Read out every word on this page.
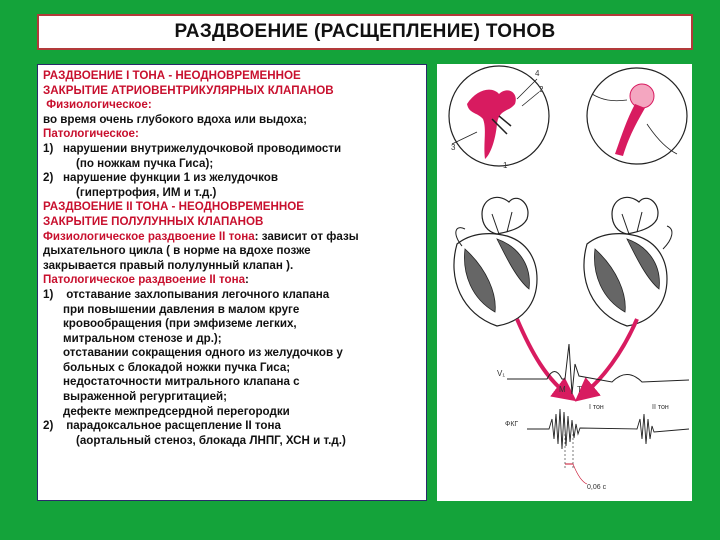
РАЗДВОЕНИЕ (РАСЩЕПЛЕНИЕ) ТОНОВ
РАЗДВОЕНИЕ I ТОНА - НЕОДНОВРЕМЕННОЕ
ЗАКРЫТИЕ АТРИОВЕНТРИКУЛЯРНЫХ КЛАПАНОВ
Физиологическое:
во время очень глубокого вдоха или выдоха;
Патологическое:
1) нарушении внутрижелудочковой проводимости
(по ножкам пучка Гиса);
2) нарушение функции 1 из желудочков
(гипертрофия, ИМ и т.д.)
РАЗДВОЕНИЕ II ТОНА - НЕОДНОВРЕМЕННОЕ
ЗАКРЫТИЕ ПОЛУЛУННЫХ КЛАПАНОВ
Физиологическое раздвоение II тона: зависит от фазы
дыхательного цикла ( в норме на вдохе позже
закрывается правый полулунный клапан ).
Патологическое раздвоение II тона:
1) отставание захлопывания легочного клапана
при повышении давления в малом круге
кровообращения (при эмфиземе легких,
митральном стенозе и др.);
отставании сокращения одного из желудочков у
больных с блокадой ножки пучка Гиса;
недостаточности митрального клапана с
выраженной регургитацией;
дефекте межпредсердной перегородки
2) парадоксальное расщепление II тона
(аортальный стеноз, блокада ЛНПГ, ХСН и т.д.)
3
4
2
1
V₁
М Т
I тон	II тон
ФКГ
0,06 с
